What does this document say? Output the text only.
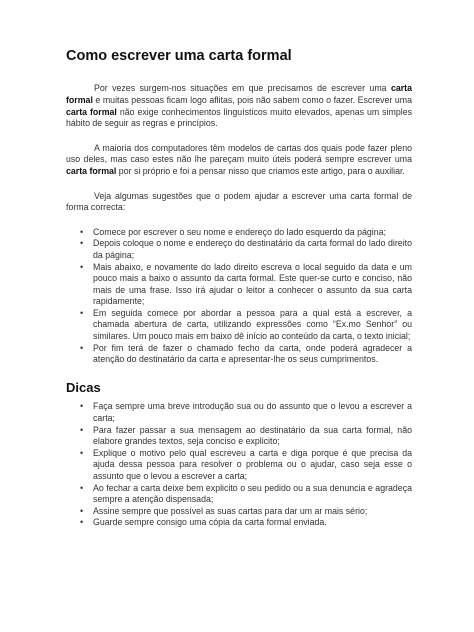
Como escrever uma carta formal

Por vezes surgem-nos situações em que precisamos de escrever uma carta formal e muitas pessoas ficam logo aflitas, pois não sabem como o fazer. Escrever uma carta formal não exige conhecimentos linguísticos muito elevados, apenas um simples hábito de seguir as regras e princípios.

A maioria dos computadores têm modelos de cartas dos quais pode fazer pleno uso deles, mas caso estes não lhe pareçam muito úteis poderá sempre escrever uma carta formal por si próprio e foi a pensar nisso que criamos este artigo, para o auxiliar.

Veja algumas sugestões que o podem ajudar a escrever uma carta formal de forma correcta:

• Comece por escrever o seu nome e endereço do lado esquerdo da página;
• Depois coloque o nome e endereço do destinatário da carta formal do lado direito da página;
• Mais abaixo, e novamente do lado direito escreva o local seguido da data e um pouco mais a baixo o assunto da carta formal. Este quer-se curto e conciso, não mais de uma frase. Isso irá ajudar o leitor a conhecer o assunto da sua carta rapidamente;
• Em seguida comece por abordar a pessoa para a qual está a escrever, a chamada abertura de carta, utilizando expressões como “Ex.mo Senhor” ou similares. Um pouco mais em baixo dê início ao conteúdo da carta, o texto inicial;
• Por fim terá de fazer o chamado fecho da carta, onde poderá agradecer a atenção do destinatário da carta e apresentar-lhe os seus cumprimentos.
Dicas
• Faça sempre uma breve introdução sua ou do assunto que o levou a escrever a carta;
• Para fazer passar a sua mensagem ao destinatário da sua carta formal, não elabore grandes textos, seja conciso e explicito;
• Explique o motivo pelo qual escreveu a carta e diga porque é que precisa da ajuda dessa pessoa para resolver o problema ou o ajudar, caso seja esse o assunto que o levou a escrever a carta;
• Ao fechar a carta deixe bem explicito o seu pedido ou a sua denuncia e agradeça sempre a atenção dispensada;
• Assine sempre que possível as suas cartas para dar um ar mais sério;
• Guarde sempre consigo uma cópia da carta formal enviada.
